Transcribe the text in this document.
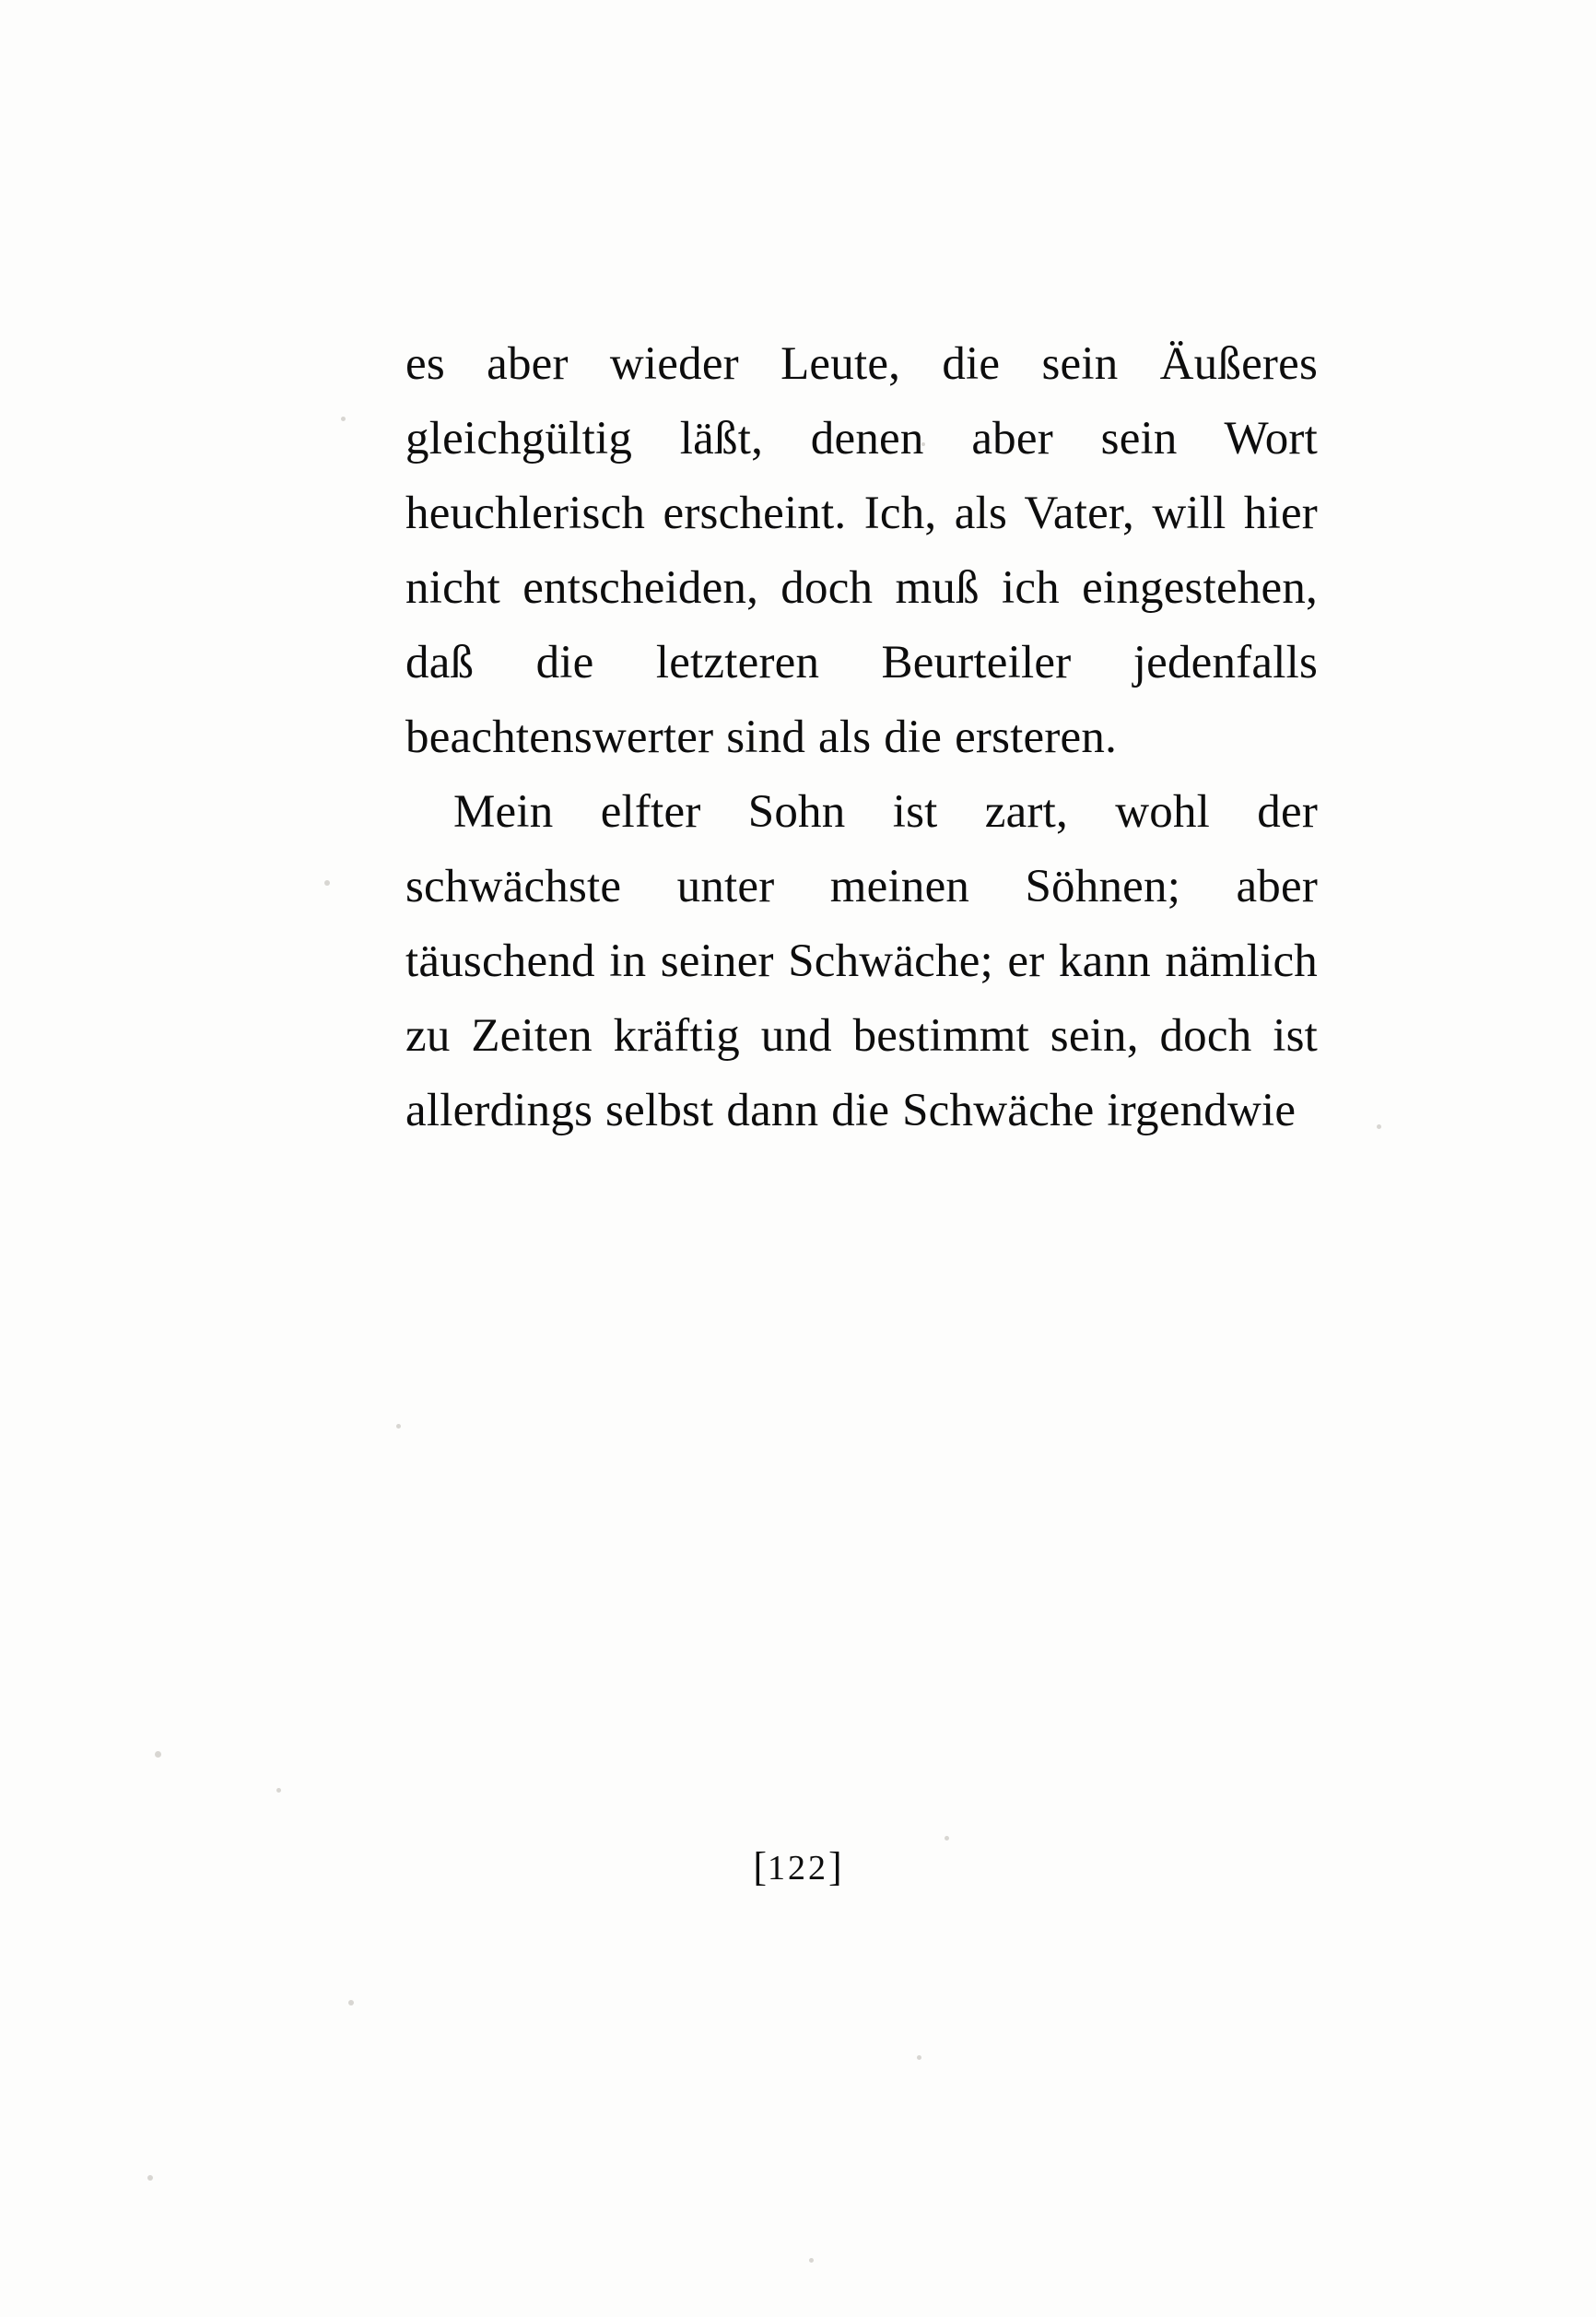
es aber wieder Leute, die sein Äußeres gleichgültig läßt, denen aber sein Wort heuchlerisch erscheint. Ich, als Vater, will hier nicht entscheiden, doch muß ich eingestehen, daß die letzteren Beurteiler jedenfalls beachtenswerter sind als die ersteren.

Mein elfter Sohn ist zart, wohl der schwächste unter meinen Söhnen; aber täuschend in seiner Schwäche; er kann nämlich zu Zeiten kräftig und bestimmt sein, doch ist allerdings selbst dann die Schwäche irgendwie

[122]
